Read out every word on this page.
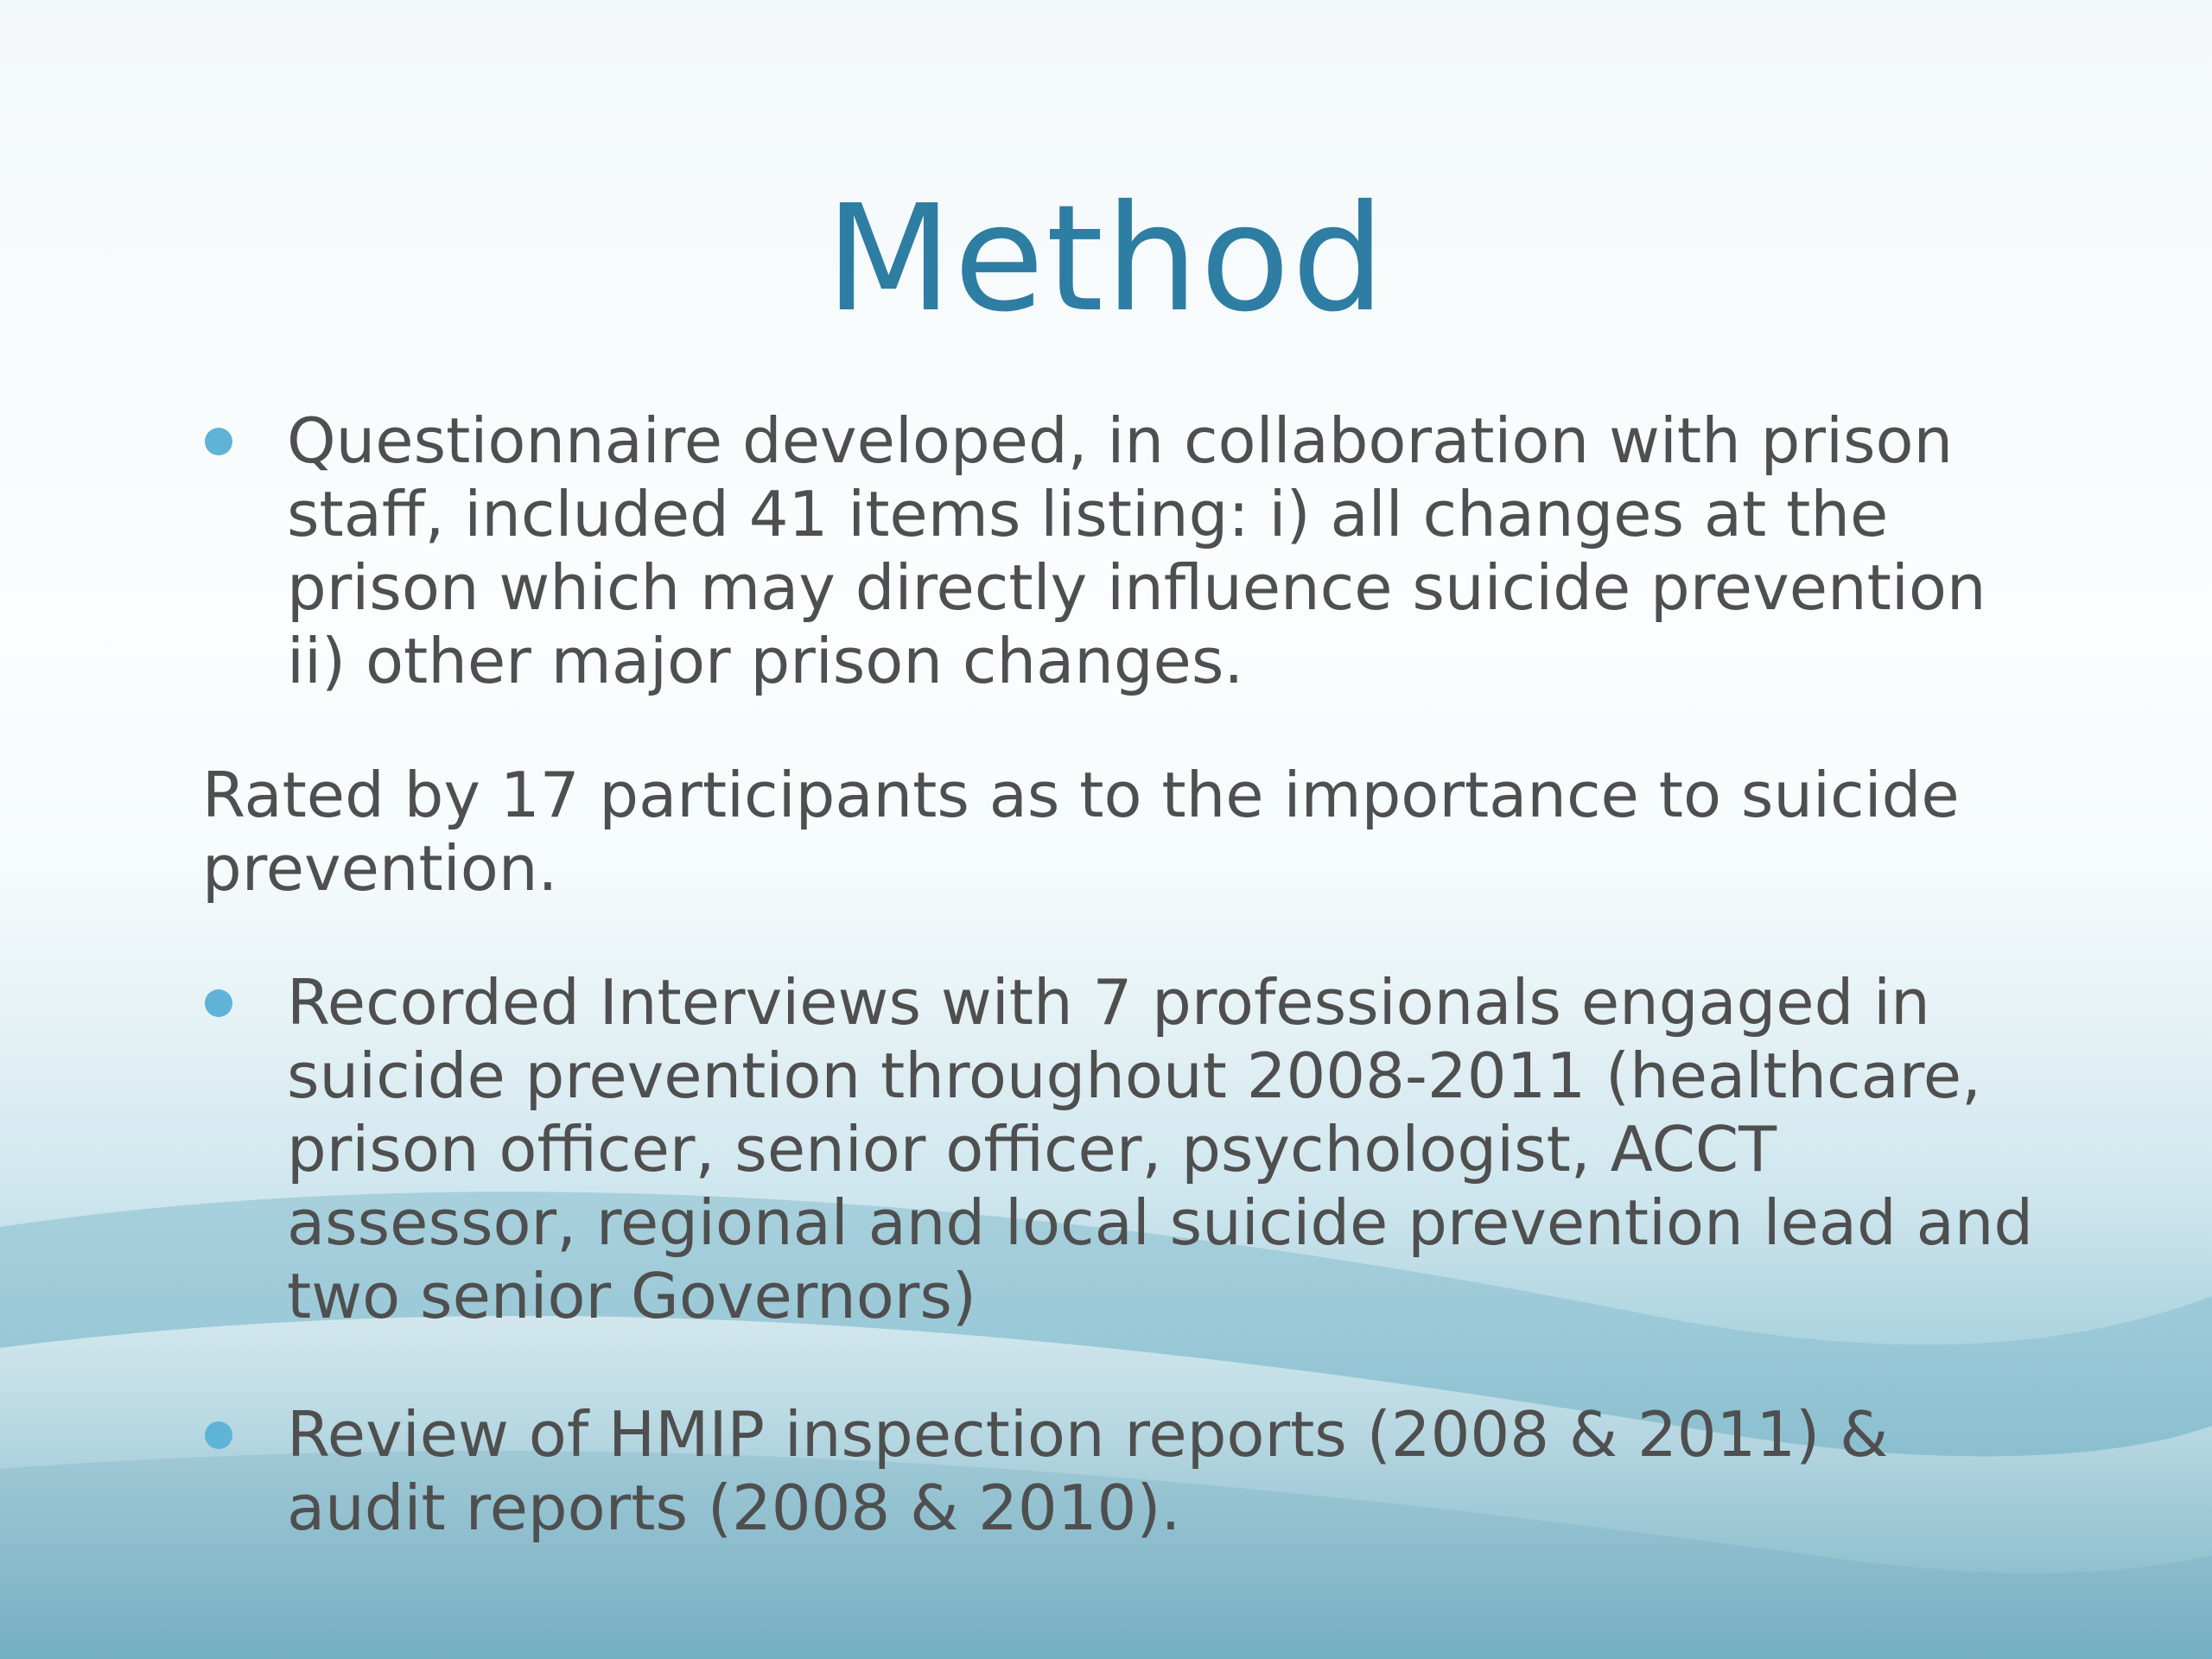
Method
Questionnaire developed, in collaboration with prison staff, included 41 items listing: i) all changes at the prison which may directly influence suicide prevention ii) other major prison changes.
Rated by 17 participants as to the importance to suicide prevention.
Recorded Interviews with 7 professionals engaged in suicide prevention throughout 2008-2011 (healthcare, prison officer, senior officer, psychologist, ACCT assessor, regional and local suicide prevention lead and two senior Governors)
Review of HMIP inspection reports (2008 & 2011) & audit reports (2008 & 2010).
